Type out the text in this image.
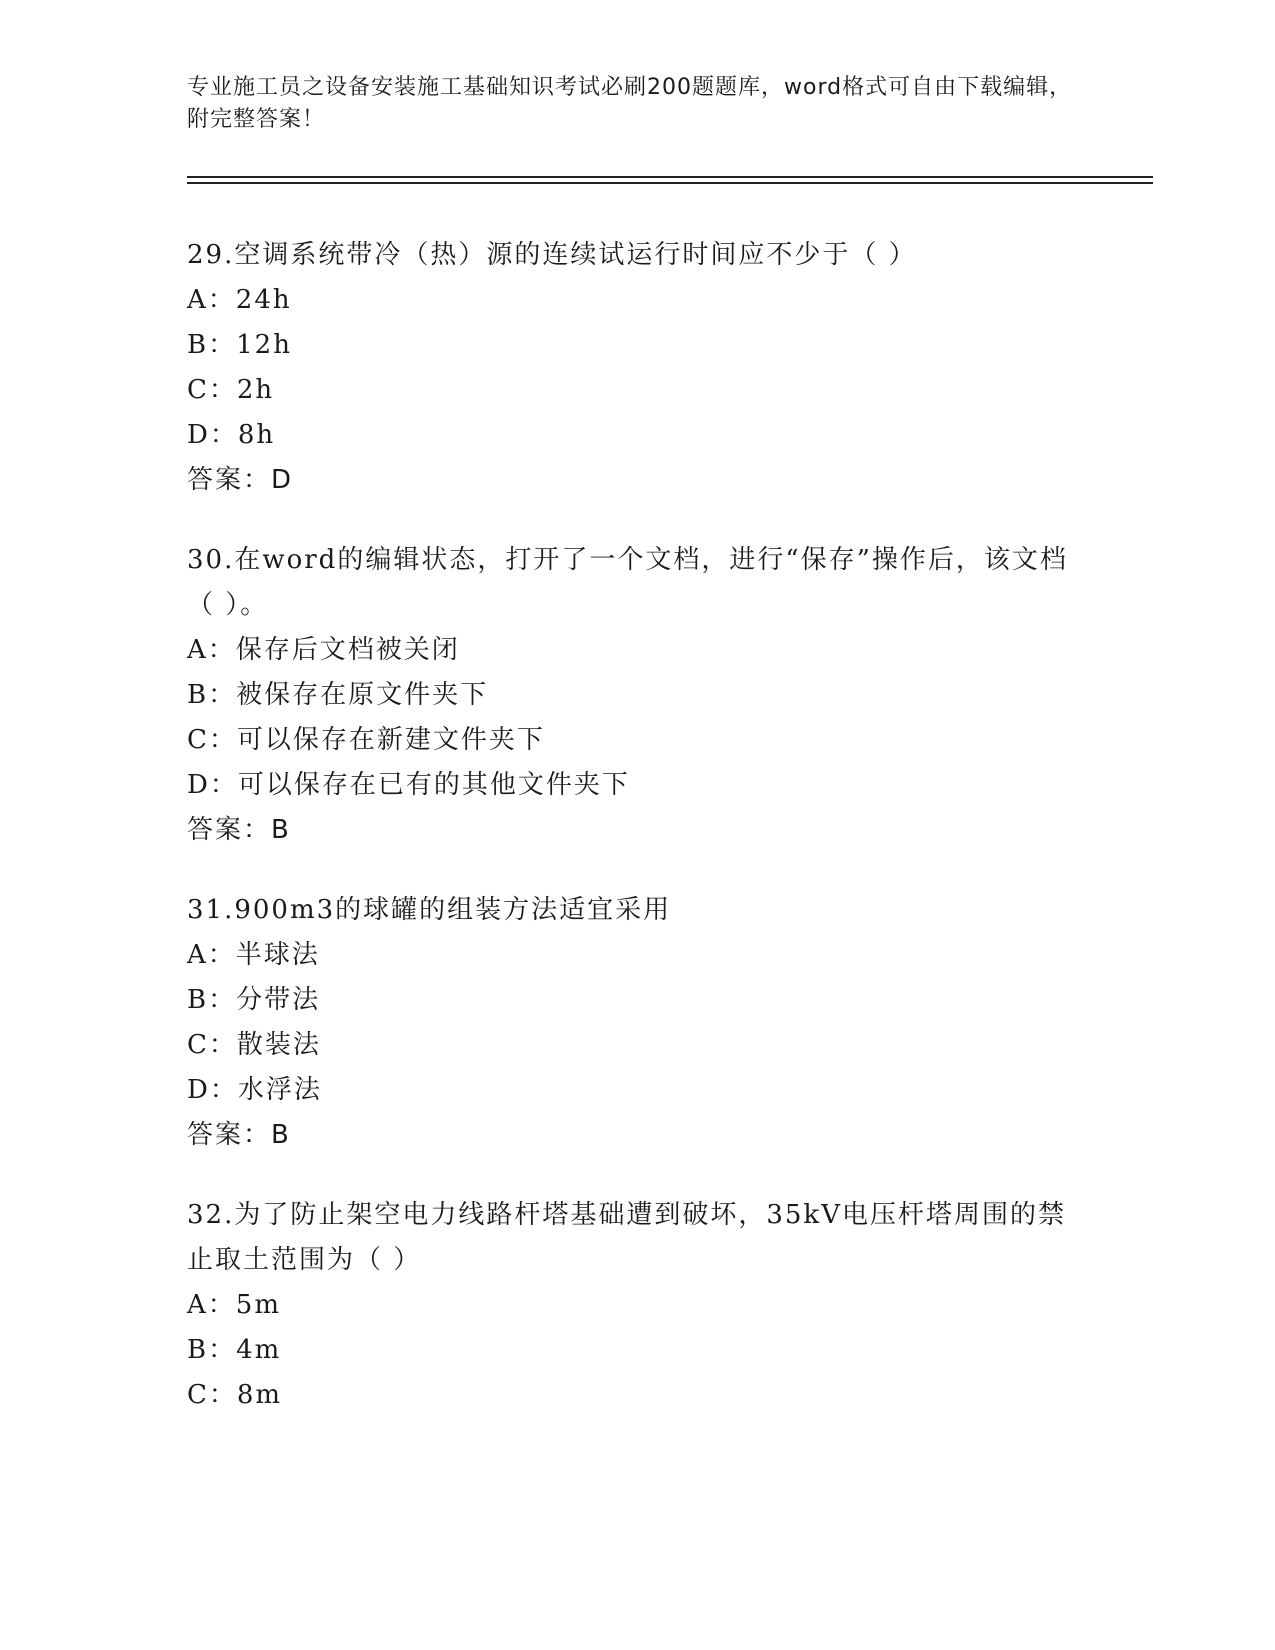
专业施工员之设备安装施工基础知识考试必刷200题题库，word格式可自由下载编辑，附完整答案！

29.空调系统带冷（热）源的连续试运行时间应不少于（ ）

A：24h

B：12h

C：2h

D：8h

答案：D

30.在word的编辑状态，打开了一个文档，进行“保存”操作后，该文档（ ）。

A：保存后文档被关闭

B：被保存在原文件夹下

C：可以保存在新建文件夹下

D：可以保存在已有的其他文件夹下

答案：B

31.900m3的球罐的组装方法适宜采用

A：半球法

B：分带法

C：散装法

D：水浮法

答案：B

32.为了防止架空电力线路杆塔基础遭到破坏，35kV电压杆塔周围的禁止取土范围为（ ）

A：5m

B：4m

C：8m
